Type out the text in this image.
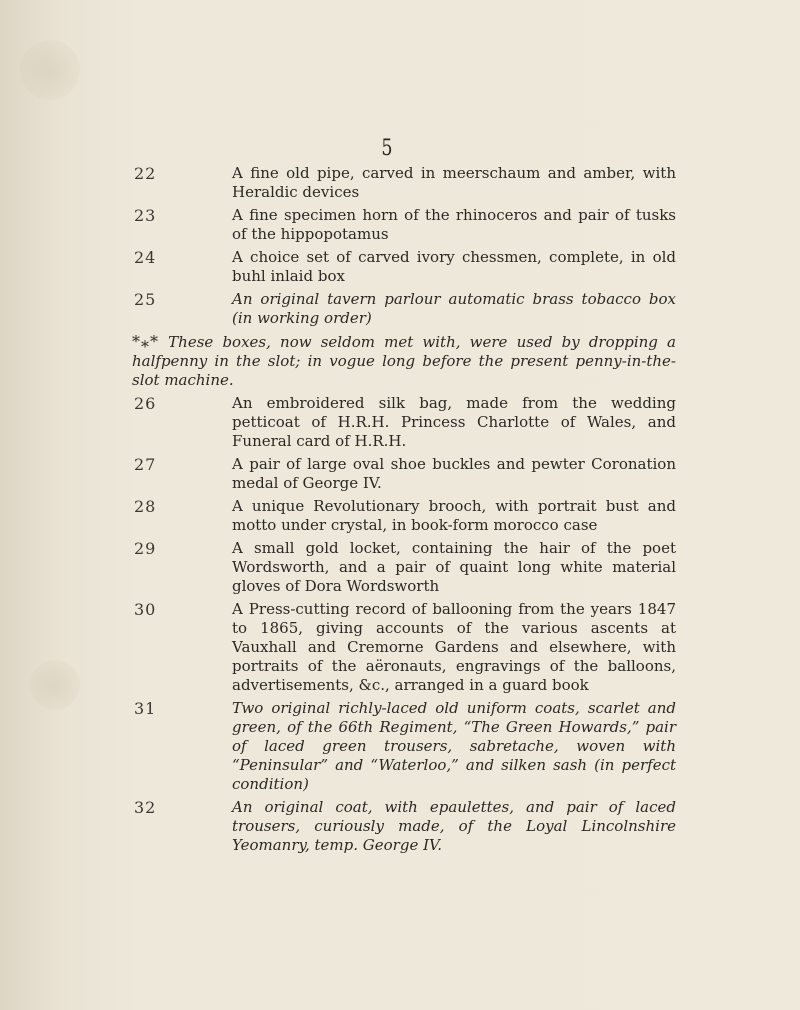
5
22	A fine old pipe, carved in meerschaum and amber, with Heraldic devices
23	A fine specimen horn of the rhinoceros and pair of tusks of the hippopotamus
24	A choice set of carved ivory chessmen, complete, in old buhl inlaid box
25	An original tavern parlour automatic brass tobacco box (in working order)
*⁎* These boxes, now seldom met with, were used by dropping a halfpenny in the slot; in vogue long before the present penny-in-the-slot machine.
26	An embroidered silk bag, made from the wedding petticoat of H.R.H. Princess Charlotte of Wales, and Funeral card of H.R.H.
27	A pair of large oval shoe buckles and pewter Coronation medal of George IV.
28	A unique Revolutionary brooch, with portrait bust and motto under crystal, in book-form morocco case
29	A small gold locket, containing the hair of the poet Wordsworth, and a pair of quaint long white material gloves of Dora Wordsworth
30	A Press-cutting record of ballooning from the years 1847 to 1865, giving accounts of the various ascents at Vauxhall and Cremorne Gardens and elsewhere, with portraits of the aëronauts, engravings of the balloons, advertisements, &c., arranged in a guard book
31	Two original richly-laced old uniform coats, scarlet and green, of the 66th Regiment, “The Green Howards,” pair of laced green trousers, sabretache, woven with “Peninsular” and “Waterloo,” and silken sash (in perfect condition)
32	An original coat, with epaulettes, and pair of laced trousers, curiously made, of the Loyal Lincolnshire Yeomanry, temp. George IV.
